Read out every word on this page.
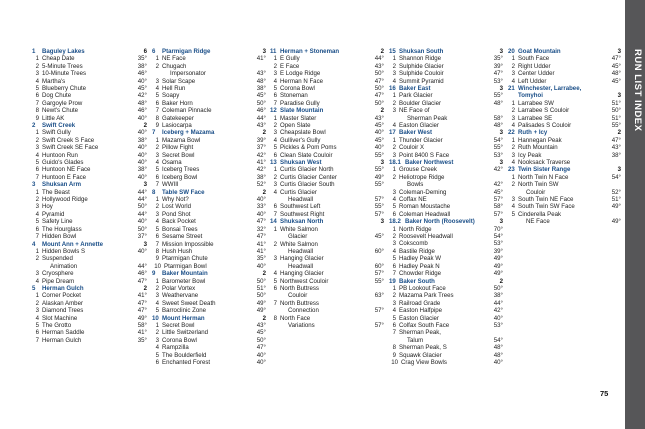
1	Baguley Lakes	6
1 Cheap Date	35°
2 5-Minute Trees	38°
3 10-Minute Trees	46°
4 Martha's	40°
5 Blueberry Chute	45°
6 Dog Chute	42°
7 Gargoyle Prow	48°
8 Newt's Chute	46°
9 Little AK	40°
2	Swift Creek	2
1 Swift Gully	40°
2 Swift Creek S Face	38°
3 Swift Creek SE Face	40°
4 Huntoon Run	40°
5 Guido's Glades	40°
6 Huntoon NE Face	38°
7 Huntoon E Face	40°
3	Shuksan Arm	3
1 The Beast	44°
2 Hollywood Ridge	44°
3 Hoy	50°
4 Pyramid	44°
5 Safety Line	40°
6 The Hourglass	50°
7 Hidden Bowl	37°
4	Mount Ann + Annette	3
1 Hidden Bowls S	40°
2 Suspended
Animation	44°
3 Cryosphere	46°
4 Pipe Dream	47°
5	Herman Gulch	2
1 Corner Pocket	41°
2 Alaskan Amber	47°
3 Diamond Trees	47°
4 Slot Machine	49°
5 The Grotto	58°
6 Herman Saddle	41°
7 Herman Gulch	35°
6	Ptarmigan Ridge	3
1 NE Face	41°
2 Chugach
Impersonator	43°
3 Solar Scape	48°
4 Hell Run	38°
5 Soapy	45°
6 Baker Horn	50°
7 Coleman Pinnacle	46°
8 Gatekeeper	44°
9 Lasiocarpa	43°
7	Iceberg + Mazama	2
1 Mazama Bowl	39°
2 Pillow Fight	37°
3 Secret Bowl	42°
4 Osama	41°
5 Iceberg Trees	42°
6 Iceberg Bowl	38°
7 WWIII	52°
8	Table SW Face	2
1 Why Not?	40°
2 Lost World	33°
3 Pond Shot	40°
4 Back Pocket	47°
5 Bonsai Trees	32°
6 Sesame Street	47°
7 Mission Impossible	41°
8 Hush Hush	41°
9 Ptarmigan Chute	35°
10 Ptarmigan Bowl	40°
9	Baker Mountain	2
1 Barometer Bowl	50°
2 Polar Vortex	51°
3 Weathervane	50°
4 Sweet Sweet Death	49°
5 Barroclinic Zone	49°
10 Mount Herman	2
1 Secret Bowl	43°
2 Little Switzerland	45°
3 Corona Bowl	50°
4 Rampzilla	47°
5 The Boulderfield	40°
6 Enchanted Forest	40°
11 Herman + Stoneman	2
1 E Gully	44°
2 E Face	43°
3 E Lodge Ridge	50°
4 Herman N Face	47°
5 Corona Bowl	50°
6 Stoneman	47°
7 Paradise Gully	50°
12 Slate Mountain	2
1 Master Slater	43°
2 Open Slate	45°
3 Cheapslate Bowl	40°
4 Gulliver's Gully	45°
5 Pickles & Pom Poms	40°
6 Clean Slate Couloir	55°
13 Shuksan West	3
1 Curtis Glacier North	55°
2 Curtis Glacier Center	49°
3 Curtis Glacier South	55°
4 Curtis Glacier
Headwall	57°
6 Southwest Left	55°
7 Southwest Right	57°
14 Shuksan North	3
1 White Salmon
Glacier	45°
2 White Salmon
Headwall	60°
3 Hanging Glacier
Headwall	60°
4 Hanging Glacier	57°
5 Northwest Couloir	55°
6 North Buttress
Couloir	63°
7 North Buttress
Connection	57°
8 North Face
Variations	57°
15 Shuksan South	3
1 Shannon Ridge	35°
2 Sulphide Glacier	39°
3 Sulphide Couloir	47°
4 Summit Pyramid	53°
16 Baker East	3
1 Park Glacier	55°
2 Boulder Glacier	48°
3 NE Face of
Sherman Peak	58°
4 Easton Glacier	48°
17 Baker West	3
1 Thunder Glacier	54°
2 Couloir X	55°
3 Point 8400 S Face	53°
18.1 Baker Northwest	3
1 Grouse Creek	42°
2 Heliotrope Ridge
Bowls	42°
3 Coleman-Deming	45°
4 Coffax NE	57°
5 Roman Moustache	58°
6 Coleman Headwall	57°
18.2 Baker North (Roosevelt)	3
1 North Ridge	70°
2 Roosevelt Headwall	54°
3 Cokscomb	53°
4 Bastile Ridge	39°
5 Hadley Peak W	49°
6 Hadley Peak N	49°
7 Chowder Ridge	49°
19 Baker South	2
1 PB Lookout Face	50°
2 Mazama Park Trees	38°
3 Railroad Grade	44°
4 Easton Halfpipe	42°
5 Easton Glacier	40°
6 Colfax South Face	53°
7 Sherman Peak,
Talum	54°
8 Sherman Peak, S	48°
9 Squawk Glacier	48°
10 Crag View Bowls	40°
20 Goat Mountain	3
1 South Face	47°
2 Right Udder	45°
3 Center Udder	48°
4 Left Udder	45°
21 Winchester, Larrabee,
Tomyhoi	3
1 Larrabee SW	51°
2 Larrabee S Couloir	50°
3 Larrabee SE	51°
4 Palisades S Couloir	55°
22 Ruth + Icy	2
1 Hannegan Peak	47°
2 Ruth Mountain	43°
3 Icy Peak	38°
4 Nooksack Traverse
23 Twin Sister Range	3
1 North Twin N Face	54°
2 North Twin SW
Couloir	52°
3 South Twin NE Face	51°
4 South Twin SW Face	49°
5 Cinderella Peak
NE Face	49°
RUN LIST INDEX
75
